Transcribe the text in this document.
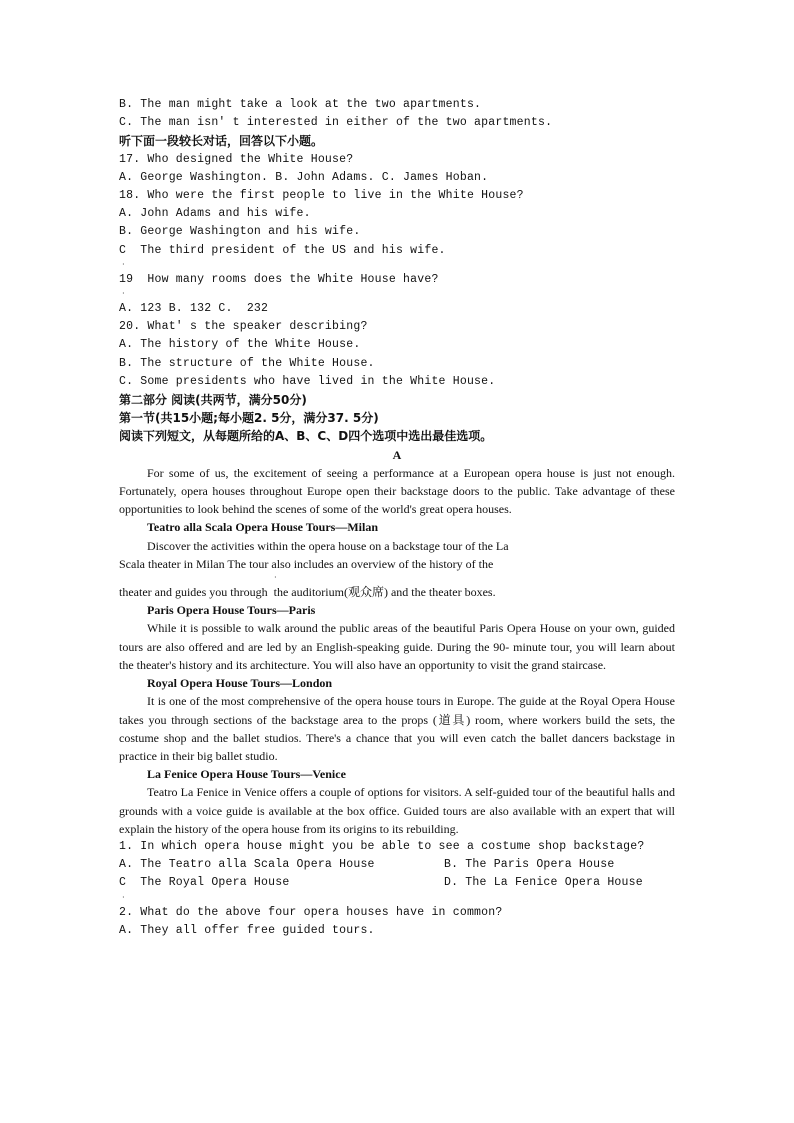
B. The man might take a look at the two apartments.
C. The man isn' t interested in either of the two apartments.
听下面一段较长对话，回答以下小题。
17. Who designed the White House?
A. George Washington. B. John Adams. C. James Hoban.
18. Who were the first people to live in the White House?
A. John Adams and his wife.
B. George Washington and his wife.
C  The third president of the US and his wife.
·
19  How many rooms does the White House have?
·
A. 123 B. 132 C.  232
20. What' s the speaker describing?
A. The history of the White House.
B. The structure of the White House.
C. Some presidents who have lived in the White House.
第二部分 阅读(共两节，满分50分)
第一节(共15小题;每小题2. 5分，满分37. 5分)
阅读下列短文，从每题所给的A、B、C、D四个选项中选出最佳选项。
A
For some of us, the excitement of seeing a performance at a European opera house is just not enough. Fortunately, opera houses throughout Europe open their backstage doors to the public. Take advantage of these opportunities to look behind the scenes of some of the world's great opera houses.
Teatro alla Scala Opera House Tours—Milan
Discover the activities within the opera house on a backstage tour of the La
Scala theater in Milan The tour also includes an overview of the history of the
·
theater and guides you through  the auditorium(观众席) and the theater boxes.
Paris Opera House Tours—Paris
While it is possible to walk around the public areas of the beautiful Paris Opera House on your own, guided tours are also offered and are led by an English-speaking guide. During the 90- minute tour, you will learn about the theater's history and its architecture. You will also have an opportunity to visit the grand staircase.
Royal Opera House Tours—London
It is one of the most comprehensive of the opera house tours in Europe. The guide at the Royal Opera House takes you through sections of the backstage area to the props (道具) room, where workers build the sets, the costume shop and the ballet studios. There's a chance that you will even catch the ballet dancers backstage in practice in their big ballet studio.
La Fenice Opera House Tours—Venice
Teatro La Fenice in Venice offers a couple of options for visitors. A self-guided tour of the beautiful halls and grounds with a voice guide is available at the box office. Guided tours are also available with an expert that will explain the history of the opera house from its origins to its rebuilding.
1. In which opera house might you be able to see a costume shop backstage?
A. The Teatro alla Scala Opera House	B. The Paris Opera House
C  The Royal Opera House	D. The La Fenice Opera House
·
2. What do the above four opera houses have in common?
A. They all offer free guided tours.
